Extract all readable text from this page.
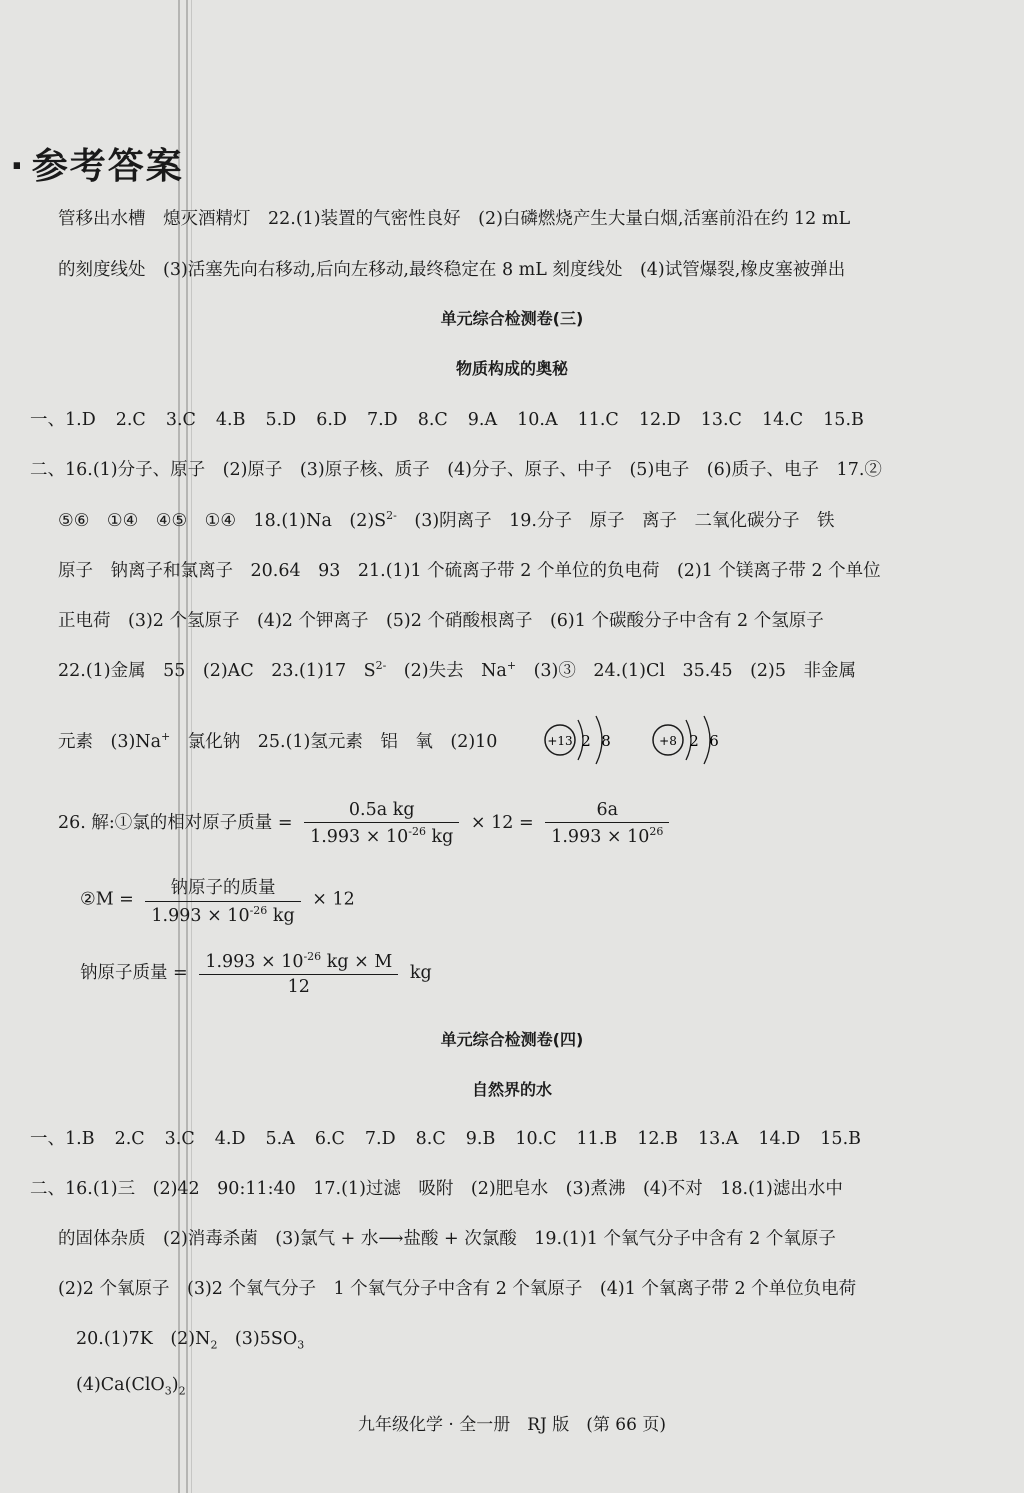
· 参考答案
管移出水槽　熄灭酒精灯　22.(1)装置的气密性良好　(2)白磷燃烧产生大量白烟,活塞前沿在约 12 mL
的刻度线处　(3)活塞先向右移动,后向左移动,最终稳定在 8 mL 刻度线处　(4)试管爆裂,橡皮塞被弹出
单元综合检测卷(三)
物质构成的奥秘
一、1.D 2.C 3.C 4.B 5.D 6.D 7.D 8.C 9.A 10.A 11.C 12.D 13.C 14.C 15.B
二、16.(1)分子、原子　(2)原子　(3)原子核、质子　(4)分子、原子、中子　(5)电子　(6)质子、电子　17.②
⑤⑥　①④　④⑤　①④　18.(1)Na　$(2)S^{2-}$　(3)阴离子　19.分子　原子　离子　二氧化碳分子　铁
原子　钠离子和氯离子　20.64　93　21.(1)1 个硫离子带 2 个单位的负电荷　(2)1 个镁离子带 2 个单位
正电荷　(3)2 个氢原子　(4)2 个钾离子　(5)2 个硝酸根离子　(6)1 个碳酸分子中含有 2 个氢原子
22.(1)金属　55　(2)AC　23.(1)17　$S^{2-}$　(2)失去　Na+　(3)③　24.(1)Cl　35.45　(2)5　非金属
元素　(3)Na+　氯化钠　25.(1)氢元素　铝　氧　(2)10	+13 2 8	+8 2 6
26. 解:①氯的相对原子质量 = $\frac{\text{0.5a kg}}{1.993 \times 10^{-26} kg} \times 12 = \frac{6a}{1.993 \times 10^{26}}$
②M = $\frac{\text{钠原子的质量}}{1.993 \times 10^{-26} kg} \times 12$
钠原子质量 = $\frac{1.993 \times 10^{-26} kg \times M}{12}$ kg
单元综合检测卷(四)
自然界的水
一、1.B 2.C 3.C 4.D 5.A 6.C 7.D 8.C 9.B 10.C 11.B 12.B 13.A 14.D 15.B
二、16.(1)三　(2)42　90:11:40　17.(1)过滤　吸附　(2)肥皂水　(3)煮沸　(4)不对　18.(1)滤出水中
的固体杂质　(2)消毒杀菌　(3)氯气 + 水⟶盐酸 + 次氯酸　19.(1)1 个氧气分子中含有 2 个氧原子
(2)2 个氧原子　(3)2 个氧气分子　1 个氧气分子中含有 2 个氧原子　(4)1 个氧离子带 2 个单位负电荷
20.(1)7K　$(2)N_2$　$(3)5SO_3$
$(4)Ca(ClO_3)_2$
九年级化学 · 全一册　RJ 版　(第 66 页)
